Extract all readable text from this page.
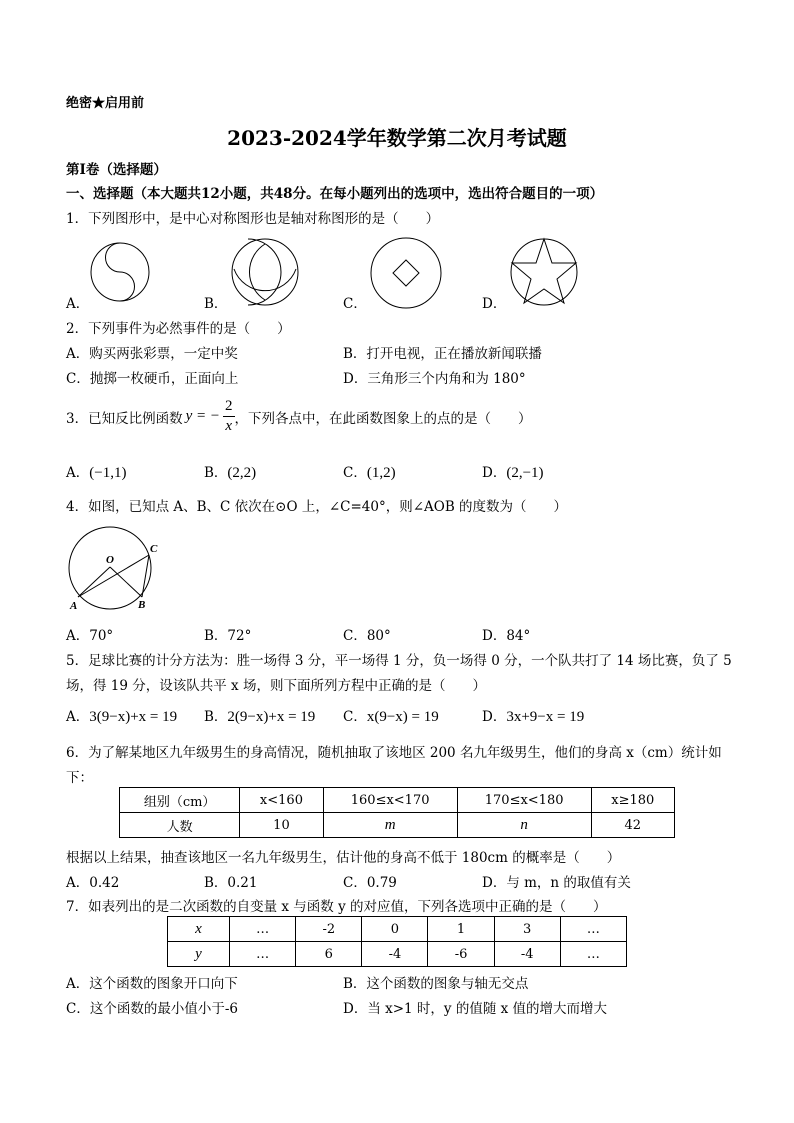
绝密★启用前
2023-2024学年数学第二次月考试题
第Ⅰ卷（选择题）
一、选择题（本大题共12小题，共48分。在每小题列出的选项中，选出符合题目的一项）
1．下列图形中，是中心对称图形也是轴对称图形的是（　　）
A．	B．	C．	D．
2．下列事件为必然事件的是（　　）
A．购买两张彩票，一定中奖	B．打开电视，正在播放新闻联播
C．抛掷一枚硬币，正面向上	D．三角形三个内角和为 180°
3．已知反比例函数 y = − $\frac{2}{x}$ ，下列各点中，在此函数图象上的点的是（　　）
A．(−1,1)	B．(2,2)	C．(1,2)	D．(2,−1)
4．如图，已知点 A、B、C 依次在⊙O 上，∠C=40°，则∠AOB 的度数为（　　）
O
A	B
C
A．70°	B．72°	C．80°	D．84°
5．足球比赛的计分方法为：胜一场得 3 分，平一场得 1 分，负一场得 0 分，一个队共打了 14 场比赛，负了 5
场，得 19 分，设该队共平 x 场，则下面所列方程中正确的是（　　）
A．3(9−x)+x = 19 B．2(9−x)+x = 19 C．x(9−x) = 19	D．3x+9−x = 19
6．为了解某地区九年级男生的身高情况，随机抽取了该地区 200 名九年级男生，他们的身高 x（cm）统计如
下：
组别（cm）	x<160	160≤x<170	170≤x<180	x≥180
人数	10	m	n	42
根据以上结果，抽查该地区一名九年级男生，估计他的身高不低于 180cm 的概率是（　　）
A．0.42	B．0.21	C．0.79	D．与 m，n 的取值有关
7．如表列出的是二次函数的自变量 x 与函数 y 的对应值，下列各选项中正确的是（　　）
x	…	-2	0	1	3	…
y	…	6	-4	-6	-4	…
A．这个函数的图象开口向下	B．这个函数的图象与轴无交点
C．这个函数的最小值小于-6	D．当 x>1 时，y 的值随 x 值的增大而增大
